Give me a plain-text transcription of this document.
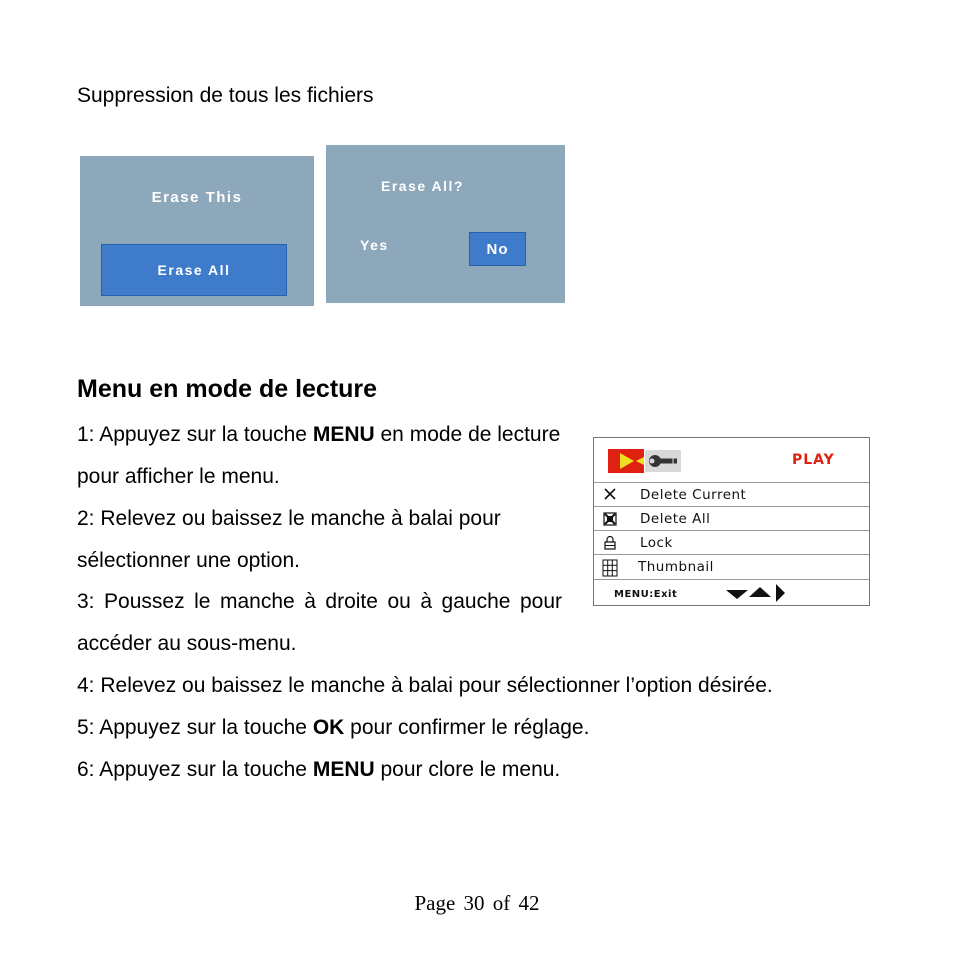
Suppression de tous les fichiers
Erase This
Erase All
Erase All?
Yes	No
Menu en mode de lecture
1: Appuyez sur la touche MENU en mode de lecture pour afficher le menu.
2: Relevez ou baissez le manche à balai pour sélectionner une option.
3: Poussez le manche à droite ou à gauche pour accéder au sous-menu.
4: Relevez ou baissez le manche à balai pour sélectionner l’option désirée.
5: Appuyez sur la touche OK pour confirmer le réglage.
6: Appuyez sur la touche MENU pour clore le menu.
PLAY
Delete Current
Delete All
Lock
Thumbnail
MENU:Exit
Page 30 of 42
